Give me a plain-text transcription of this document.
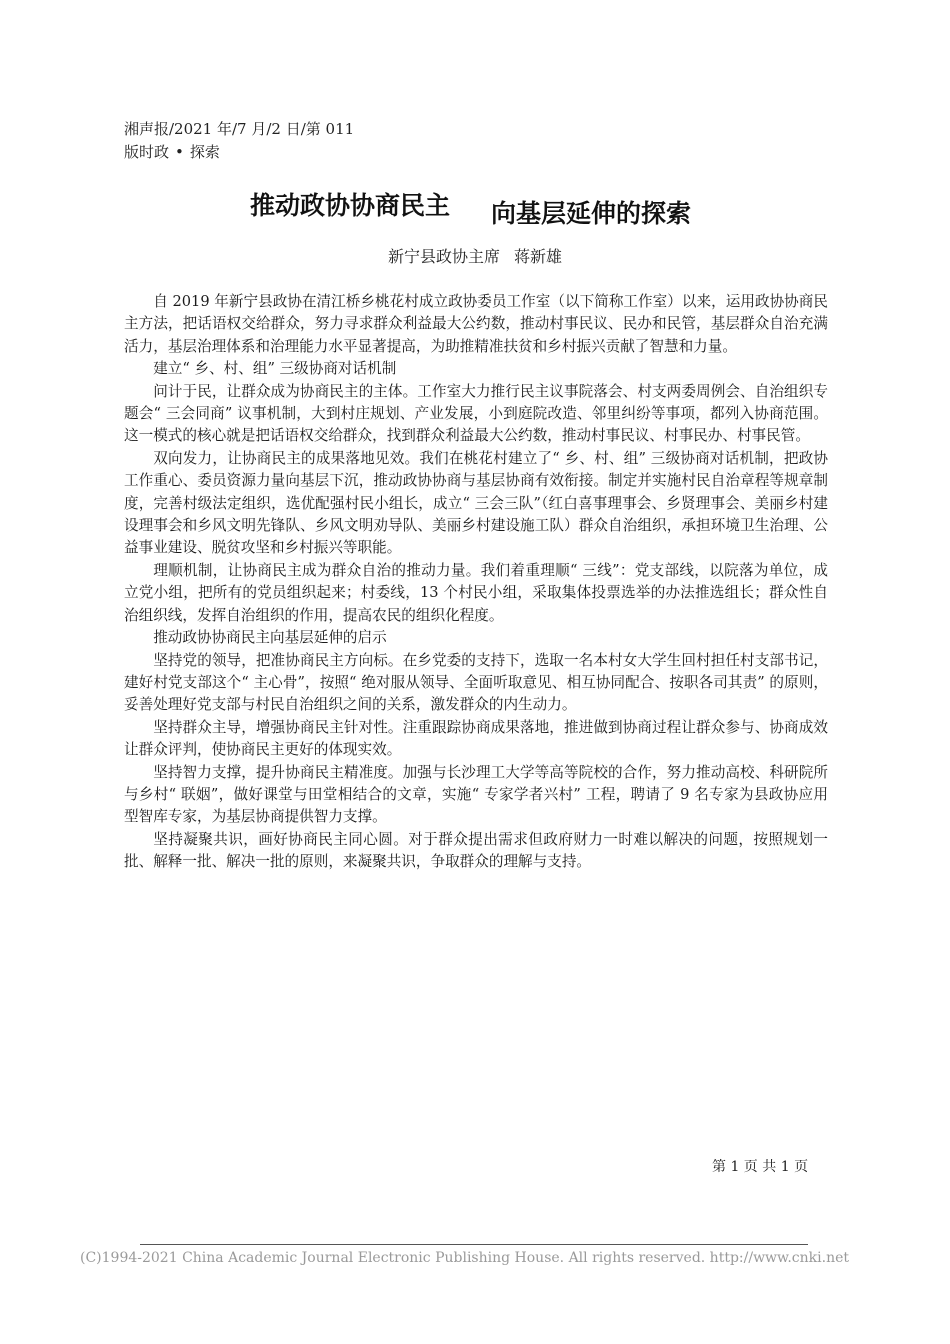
湘声报/2021 年/7 月/2 日/第 011
版时政 • 探索
推动政协协商民主 向基层延伸的探索
新宁县政协主席 蒋新雄

自 2019 年新宁县政协在清江桥乡桃花村成立政协委员工作室（以下简称工作室）以来，运用政协协商民主方法，把话语权交给群众，努力寻求群众利益最大公约数，推动村事民议、民办和民管，基层群众自治充满活力，基层治理体系和治理能力水平显著提高，为助推精准扶贫和乡村振兴贡献了智慧和力量。

建立“ 乡、村、组” 三级协商对话机制

问计于民，让群众成为协商民主的主体。工作室大力推行民主议事院落会、村支两委周例会、自治组织专题会“ 三会同商” 议事机制，大到村庄规划、产业发展，小到庭院改造、邻里纠纷等事项，都列入协商范围。这一模式的核心就是把话语权交给群众，找到群众利益最大公约数，推动村事民议、村事民办、村事民管。

双向发力，让协商民主的成果落地见效。我们在桃花村建立了“ 乡、村、组” 三级协商对话机制，把政协工作重心、委员资源力量向基层下沉，推动政协协商与基层协商有效衔接。制定并实施村民自治章程等规章制度，完善村级法定组织，选优配强村民小组长，成立“ 三会三队”（红白喜事理事会、乡贤理事会、美丽乡村建设理事会和乡风文明先锋队、乡风文明劝导队、美丽乡村建设施工队）群众自治组织，承担环境卫生治理、公益事业建设、脱贫攻坚和乡村振兴等职能。

理顺机制，让协商民主成为群众自治的推动力量。我们着重理顺“ 三线”：党支部线，以院落为单位，成立党小组，把所有的党员组织起来；村委线，13 个村民小组，采取集体投票选举的办法推选组长；群众性自治组织线，发挥自治组织的作用，提高农民的组织化程度。

推动政协协商民主向基层延伸的启示

坚持党的领导，把准协商民主方向标。在乡党委的支持下，选取一名本村女大学生回村担任村支部书记，建好村党支部这个“ 主心骨”，按照“ 绝对服从领导、全面听取意见、相互协同配合、按职各司其责” 的原则，妥善处理好党支部与村民自治组织之间的关系，激发群众的内生动力。

坚持群众主导，增强协商民主针对性。注重跟踪协商成果落地，推进做到协商过程让群众参与、协商成效让群众评判，使协商民主更好的体现实效。

坚持智力支撑，提升协商民主精准度。加强与长沙理工大学等高等院校的合作，努力推动高校、科研院所与乡村“ 联姻”，做好课堂与田堂相结合的文章，实施“ 专家学者兴村” 工程，聘请了 9 名专家为县政协应用型智库专家，为基层协商提供智力支撑。

坚持凝聚共识，画好协商民主同心圆。对于群众提出需求但政府财力一时难以解决的问题，按照规划一批、解释一批、解决一批的原则，来凝聚共识，争取群众的理解与支持。

第 1 页 共 1 页
(C)1994-2021 China Academic Journal Electronic Publishing House. All rights reserved. http://www.cnki.net
